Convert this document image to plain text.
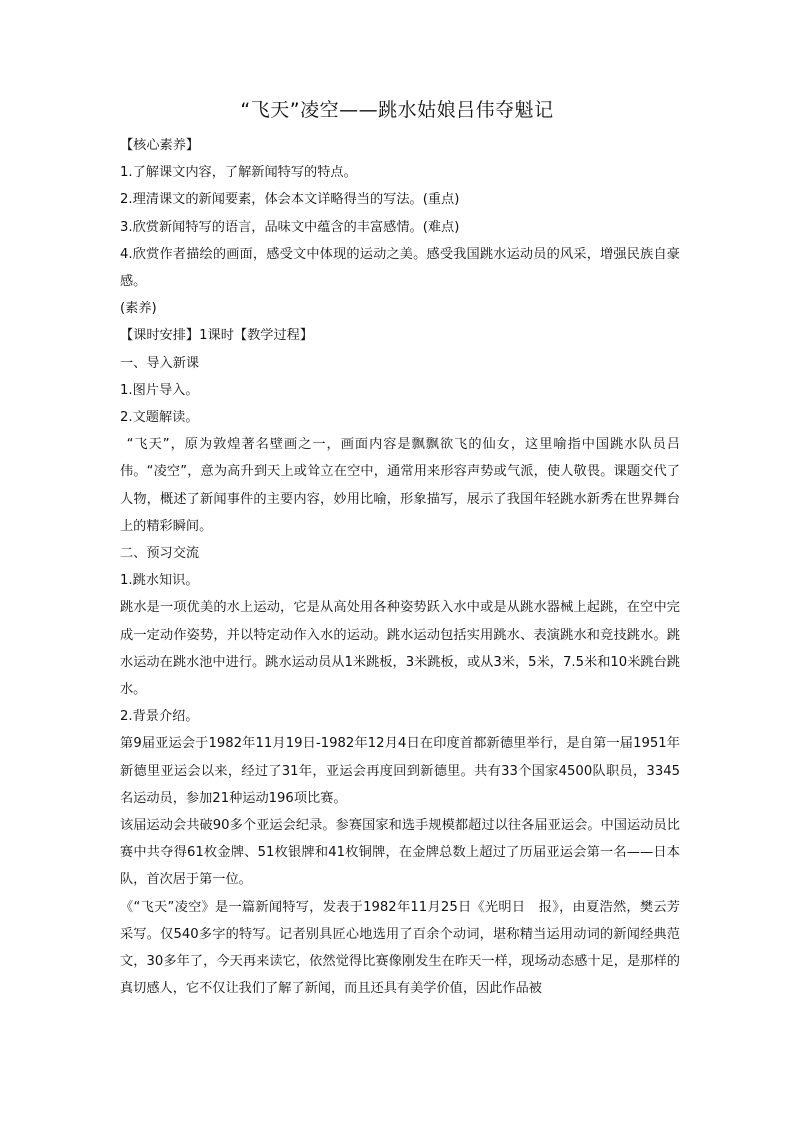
“飞天”凌空——跳水姑娘吕伟夺魁记

【核心素养】

1.了解课文内容，了解新闻特写的特点。

2.理清课文的新闻要素，体会本文详略得当的写法。(重点)

3.欣赏新闻特写的语言，品味文中蕴含的丰富感情。(难点)

4.欣赏作者描绘的画面，感受文中体现的运动之美。感受我国跳水运动员的风采，增强民族自豪感。

(素养)

【课时安排】1课时【教学过程】

一、导入新课

1.图片导入。

2.文题解读。

“飞天”，原为敦煌著名壁画之一，画面内容是飘飘欲飞的仙女，这里喻指中国跳水队员吕伟。“凌空”，意为高升到天上或耸立在空中，通常用来形容声势或气派，使人敬畏。课题交代了人物，概述了新闻事件的主要内容，妙用比喻，形象描写，展示了我国年轻跳水新秀在世界舞台上的精彩瞬间。

二、预习交流

1.跳水知识。

跳水是一项优美的水上运动，它是从高处用各种姿势跃入水中或是从跳水器械上起跳，在空中完成一定动作姿势，并以特定动作入水的运动。跳水运动包括实用跳水、表演跳水和竞技跳水。跳水运动在跳水池中进行。跳水运动员从1米跳板，3米跳板，或从3米，5米，7.5米和10米跳台跳水。

2.背景介绍。

第9届亚运会于1982年11月19日-1982年12月4日在印度首都新德里举行，是自第一届1951年新德里亚运会以来，经过了31年，亚运会再度回到新德里。共有33个国家4500队职员，3345名运动员，参加21种运动196项比赛。

该届运动会共破90多个亚运会纪录。参赛国家和选手规模都超过以往各届亚运会。中国运动员比赛中共夺得61枚金牌、51枚银牌和41枚铜牌，在金牌总数上超过了历届亚运会第一名——日本队，首次居于第一位。

《“飞天”凌空》是一篇新闻特写，发表于1982年11月25日《光明日　报》，由夏浩然，樊云芳采写。仅540多字的特写。记者别具匠心地选用了百余个动词，堪称精当运用动词的新闻经典范文，30多年了，今天再来读它，依然觉得比赛像刚发生在昨天一样，现场动态感十足，是那样的真切感人，它不仅让我们了解了新闻，而且还具有美学价值，因此作品被
